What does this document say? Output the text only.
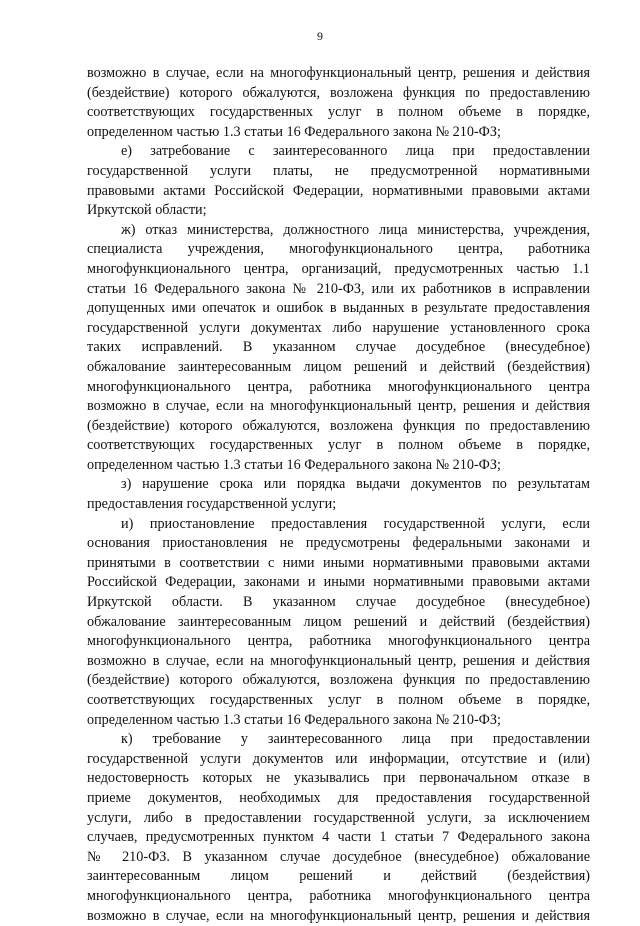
9
возможно в случае, если на многофункциональный центр, решения и действия
(бездействие) которого обжалуются, возложена функция по предоставлению
соответствующих государственных услуг в полном объеме в порядке,
определенном частью 1.3 статьи 16 Федерального закона № 210-ФЗ;
е) затребование с заинтересованного лица при предоставлении
государственной услуги платы, не предусмотренной нормативными
правовыми актами Российской Федерации, нормативными правовыми актами
Иркутской области;
ж) отказ министерства, должностного лица министерства, учреждения,
специалиста учреждения, многофункционального центра, работника
многофункционального центра, организаций, предусмотренных частью 1.1
статьи 16 Федерального закона № 210-ФЗ, или их работников в исправлении
допущенных ими опечаток и ошибок в выданных в результате предоставления
государственной услуги документах либо нарушение установленного срока
таких исправлений. В указанном случае досудебное (внесудебное)
обжалование заинтересованным лицом решений и действий (бездействия)
многофункционального центра, работника многофункционального центра
возможно в случае, если на многофункциональный центр, решения и действия
(бездействие) которого обжалуются, возложена функция по предоставлению
соответствующих государственных услуг в полном объеме в порядке,
определенном частью 1.3 статьи 16 Федерального закона № 210-ФЗ;
з) нарушение срока или порядка выдачи документов по результатам
предоставления государственной услуги;
и) приостановление предоставления государственной услуги, если
основания приостановления не предусмотрены федеральными законами и
принятыми в соответствии с ними иными нормативными правовыми актами
Российской Федерации, законами и иными нормативными правовыми актами
Иркутской области. В указанном случае досудебное (внесудебное)
обжалование заинтересованным лицом решений и действий (бездействия)
многофункционального центра, работника многофункционального центра
возможно в случае, если на многофункциональный центр, решения и действия
(бездействие) которого обжалуются, возложена функция по предоставлению
соответствующих государственных услуг в полном объеме в порядке,
определенном частью 1.3 статьи 16 Федерального закона № 210-ФЗ;
к) требование у заинтересованного лица при предоставлении
государственной услуги документов или информации, отсутствие и (или)
недостоверность которых не указывались при первоначальном отказе в
приеме документов, необходимых для предоставления государственной
услуги, либо в предоставлении государственной услуги, за исключением
случаев, предусмотренных пунктом 4 части 1 статьи 7 Федерального закона
№ 210-ФЗ. В указанном случае досудебное (внесудебное) обжалование
заинтересованным лицом решений и действий (бездействия)
многофункционального центра, работника многофункционального центра
возможно в случае, если на многофункциональный центр, решения и действия
